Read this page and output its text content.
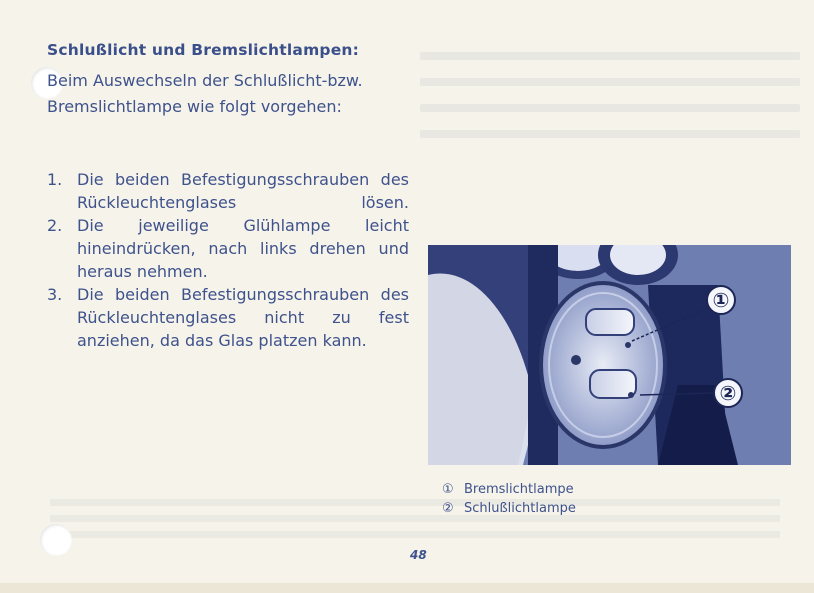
Schlußlicht und Bremslichtlampen:
Beim Auswechseln der Schlußlicht-bzw. Bremslichtlampe wie folgt vorgehen:
1. Die beiden Befestigungsschrauben des Rückleuchtenglases lösen.
2. Die jeweilige Glühlampe leicht hineindrücken, nach links drehen und heraus nehmen.
3. Die beiden Befestigungsschrauben des Rückleuchtenglases nicht zu fest anziehen, da das Glas platzen kann.
①
②
① Bremslichtlampe
② Schlußlichtlampe
48
